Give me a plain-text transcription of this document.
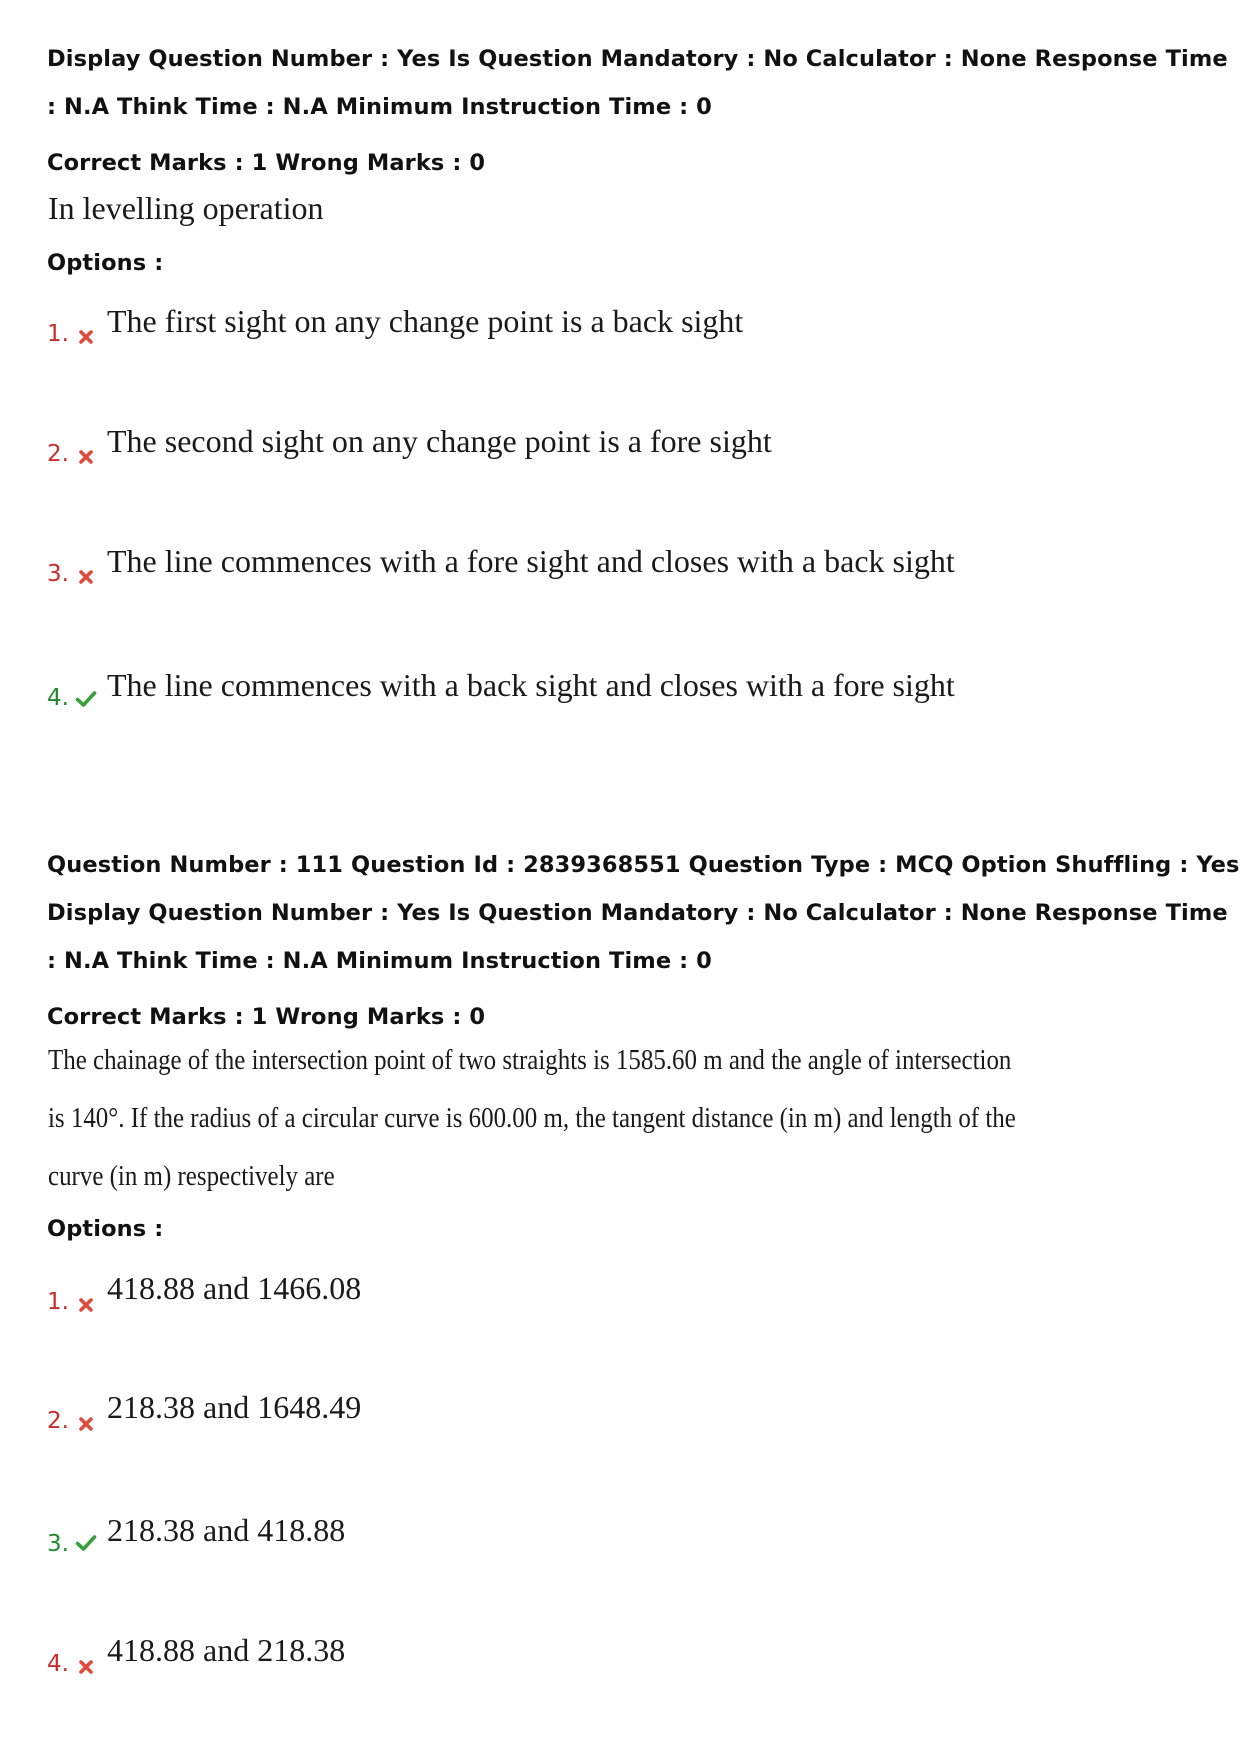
Display Question Number : Yes Is Question Mandatory : No Calculator : None Response Time
: N.A Think Time : N.A Minimum Instruction Time : 0
Correct Marks : 1 Wrong Marks : 0
In levelling operation
Options :
1. The first sight on any change point is a back sight
2. The second sight on any change point is a fore sight
3. The line commences with a fore sight and closes with a back sight
4. The line commences with a back sight and closes with a fore sight
Question Number : 111 Question Id : 2839368551 Question Type : MCQ Option Shuffling : Yes
Display Question Number : Yes Is Question Mandatory : No Calculator : None Response Time
: N.A Think Time : N.A Minimum Instruction Time : 0
Correct Marks : 1 Wrong Marks : 0
The chainage of the intersection point of two straights is 1585.60 m and the angle of intersection
is 140°. If the radius of a circular curve is 600.00 m, the tangent distance (in m) and length of the
curve (in m) respectively are
Options :
1. 418.88 and 1466.08
2. 218.38 and 1648.49
3. 218.38 and 418.88
4. 418.88 and 218.38
